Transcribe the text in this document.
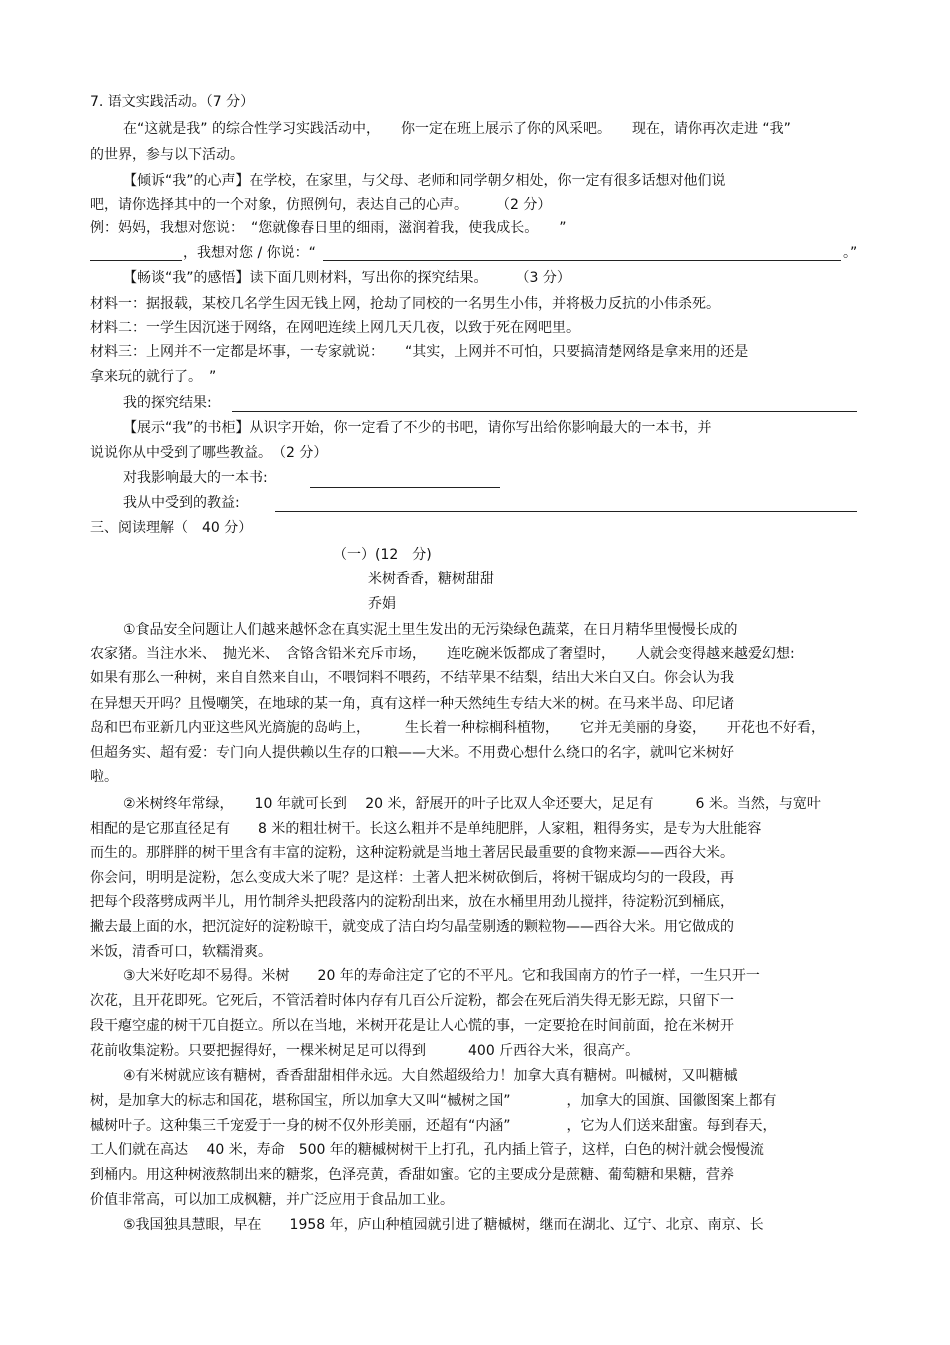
7. 语文实践活动。（7 分）
在“这就是我” 的综合性学习实践活动中，　　你一定在班上展示了你的风采吧。　　现在，请你再次走进 “我”
的世界，参与以下活动。
【倾诉“我”的心声】在学校，在家里，与父母、老师和同学朝夕相处，你一定有很多话想对他们说
吧，请你选择其中的一个对象，仿照例句，表达自己的心声。　　　（2 分）
例：妈妈，我想对您说：　“您就像春日里的细雨，滋润着我，使我成长。　　”
，我想对您 / 你说：“	。”
【畅谈“我”的感悟】读下面几则材料，写出你的探究结果。　　　（3 分）
材料一：据报载，某校几名学生因无钱上网，抢劫了同校的一名男生小伟，并将极力反抗的小伟杀死。
材料二：一学生因沉迷于网络，在网吧连续上网几天几夜，以致于死在网吧里。
材料三：上网并不一定都是坏事，一专家就说：　　“其实，上网并不可怕，只要搞清楚网络是拿来用的还是
拿来玩的就行了。　”
我的探究结果:
【展示“我”的书柜】从识字开始，你一定看了不少的书吧，请你写出给你影响最大的一本书，并
说说你从中受到了哪些教益。　（2 分）
对我影响最大的一本书:
我从中受到的教益:
三、阅读理解（　40 分）
（一）(12　分)
米树香香，糖树甜甜
乔娟
①食品安全问题让人们越来越怀念在真实泥土里生发出的无污染绿色蔬菜，在日月精华里慢慢长成的
农家猪。当注水米、　抛光米、　含铬含铅米充斥市场，　　连吃碗米饭都成了奢望时，　　人就会变得越来越爱幻想:
如果有那么一种树，来自自然来自山，不喂饲料不喂药，不结苹果不结梨，结出大米白又白。你会认为我
在异想天开吗？且慢嘲笑，在地球的某一角，真有这样一种天然纯生专结大米的树。在马来半岛、印尼诸
岛和巴布亚新几内亚这些风光旖旎的岛屿上，　　　生长着一种棕榈科植物，　　它并无美丽的身姿，　　开花也不好看，
但超务实、超有爱：专门向人提供赖以生存的口粮——大米。不用费心想什么绕口的名字，就叫它米树好
啦。
②米树终年常绿，　　10 年就可长到　 20 米，舒展开的叶子比双人伞还要大，足足有　　　6 米。当然，与宽叶
相配的是它那直径足有　　8 米的粗壮树干。长这么粗并不是单纯肥胖，人家粗，粗得务实，是专为大肚能容
而生的。那胖胖的树干里含有丰富的淀粉，这种淀粉就是当地土著居民最重要的食物来源——西谷大米。
你会问，明明是淀粉，怎么变成大米了呢？是这样：土著人把米树砍倒后，将树干锯成均匀的一段段，再
把每个段落劈成两半儿，用竹制斧头把段落内的淀粉刮出来，放在水桶里用劲儿搅拌，待淀粉沉到桶底，
撇去最上面的水，把沉淀好的淀粉晾干，就变成了洁白均匀晶莹剔透的颗粒物——西谷大米。用它做成的
米饭，清香可口，软糯滑爽。
③大米好吃却不易得。米树　　20 年的寿命注定了它的不平凡。它和我国南方的竹子一样，一生只开一
次花，且开花即死。它死后，不管活着时体内存有几百公斤淀粉，都会在死后消失得无影无踪，只留下一
段干瘪空虚的树干兀自挺立。所以在当地，米树开花是让人心慌的事，一定要抢在时间前面，抢在米树开
花前收集淀粉。只要把握得好，一棵米树足足可以得到　　　400 斤西谷大米，很高产。
④有米树就应该有糖树，香香甜甜相伴永远。大自然超级给力！加拿大真有糖树。叫槭树，又叫糖槭
树，是加拿大的标志和国花，堪称国宝，所以加拿大又叫“槭树之国”　　　　，加拿大的国旗、国徽图案上都有
槭树叶子。这种集三千宠爱于一身的树不仅外形美丽，还超有“内涵”　　　　，它为人们送来甜蜜。每到春天，
工人们就在高达　 40 米，寿命　500 年的糖槭树树干上打孔，孔内插上管子，这样，白色的树汁就会慢慢流
到桶内。用这种树液熬制出来的糖浆，色泽亮黄，香甜如蜜。它的主要成分是蔗糖、葡萄糖和果糖，营养
价值非常高，可以加工成枫糖，并广泛应用于食品加工业。
⑤我国独具慧眼，早在　　1958 年，庐山种植园就引进了糖槭树，继而在湖北、辽宁、北京、南京、长
